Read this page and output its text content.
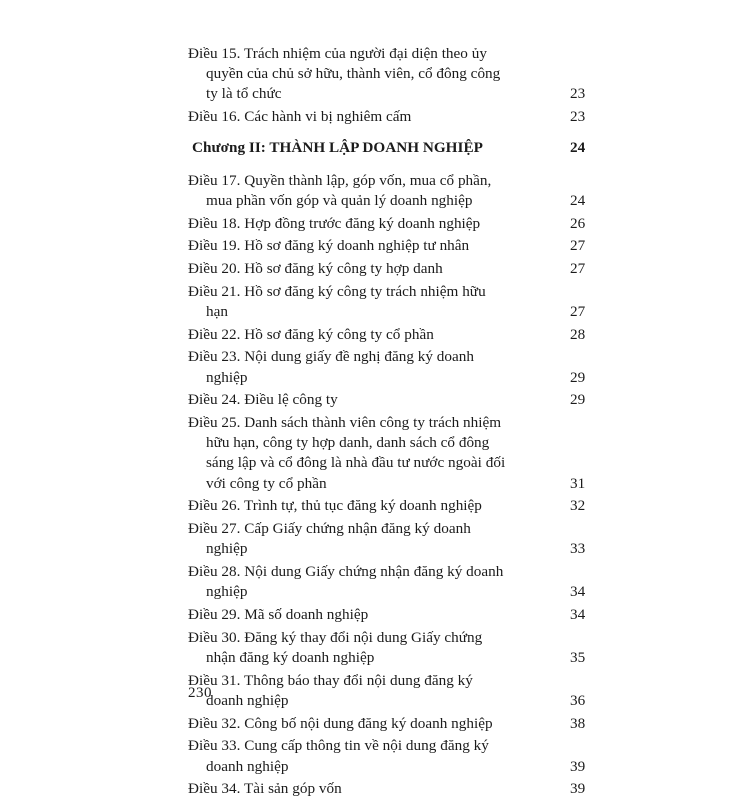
Điều 15. Trách nhiệm của người đại diện theo ủy quyền của chủ sở hữu, thành viên, cổ đông công ty là tổ chức	23
Điều 16. Các hành vi bị nghiêm cấm	23
Chương II: THÀNH LẬP DOANH NGHIỆP	24
Điều 17. Quyền thành lập, góp vốn, mua cổ phần, mua phần vốn góp và quản lý doanh nghiệp	24
Điều 18. Hợp đồng trước đăng ký doanh nghiệp	26
Điều 19. Hồ sơ đăng ký doanh nghiệp tư nhân	27
Điều 20. Hồ sơ đăng ký công ty hợp danh	27
Điều 21. Hồ sơ đăng ký công ty trách nhiệm hữu hạn	27
Điều 22. Hồ sơ đăng ký công ty cổ phần	28
Điều 23. Nội dung giấy đề nghị đăng ký doanh nghiệp	29
Điều 24. Điều lệ công ty	29
Điều 25. Danh sách thành viên công ty trách nhiệm hữu hạn, công ty hợp danh, danh sách cổ đông sáng lập và cổ đông là nhà đầu tư nước ngoài đối với công ty cổ phần	31
Điều 26. Trình tự, thủ tục đăng ký doanh nghiệp	32
Điều 27. Cấp Giấy chứng nhận đăng ký doanh nghiệp	33
Điều 28. Nội dung Giấy chứng nhận đăng ký doanh nghiệp	34
Điều 29. Mã số doanh nghiệp	34
Điều 30. Đăng ký thay đổi nội dung Giấy chứng nhận đăng ký doanh nghiệp	35
Điều 31. Thông báo thay đổi nội dung đăng ký doanh nghiệp	36
Điều 32. Công bố nội dung đăng ký doanh nghiệp	38
Điều 33. Cung cấp thông tin về nội dung đăng ký doanh nghiệp	39
Điều 34. Tài sản góp vốn	39
230
